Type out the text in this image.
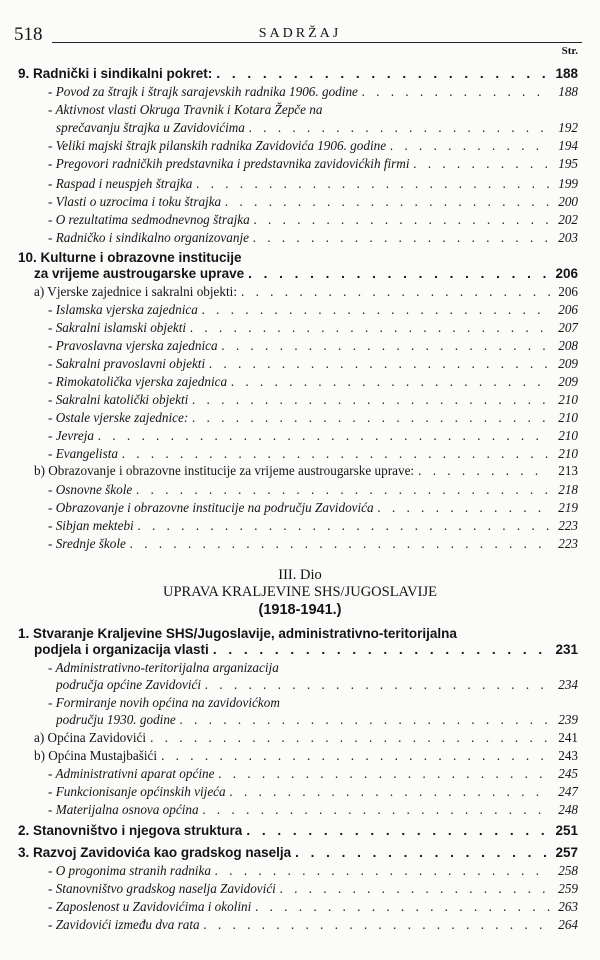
518	SADRŽAJ
Str.
9. Radnički i sindikalni pokret: . . .	188
- Povod za štrajk i štrajk sarajevskih radnika 1906. godine . . .	188
- Aktivnost vlasti Okruga Travnik i Kotara Žepče na
sprečavanju štrajka u Zavidovićima . . .	192
- Veliki majski štrajk pilanskih radnika Zavidovića 1906. godine . . .	194
- Pregovori radničkih predstavnika i predstavnika zavidovićkih firmi . . .	195
- Raspad i neuspjeh štrajka . . .	199
- Vlasti o uzrocima i toku štrajka . . .	200
- O rezultatima sedmodnevnog štrajka . . .	202
- Radničko i sindikalno organizovanje . . .	203
10. Kulturne i obrazovne institucije
za vrijeme austrougarske uprave . . .	206
a) Vjerske zajednice i sakralni objekti: . . .	206
- Islamska vjerska zajednica . . .	206
- Sakralni islamski objekti . . .	207
- Pravoslavna vjerska zajednica . . .	208
- Sakralni pravoslavni objekti . . .	209
- Rimokatolička vjerska zajednica . . .	209
- Sakralni katolički objekti . . .	210
- Ostale vjerske zajednice: . . .	210
- Jevreja . . .	210
- Evangelista . . .	210
b) Obrazovanje i obrazovne institucije za vrijeme austrougarske uprave: . . .	213
- Osnovne škole . . .	218
- Obrazovanje i obrazovne institucije na području Zavidovića . . .	219
- Sibjan mektebi . . .	223
- Srednje škole . . .	223
III. Dio
UPRAVA KRALJEVINE SHS/JUGOSLAVIJE
(1918-1941.)
1. Stvaranje Kraljevine SHS/Jugoslavije, administrativno-teritorijalna
podjela i organizacija vlasti . . .	231
- Administrativno-teritorijalna arganizacija
područja općine Zavidovići . . .	234
- Formiranje novih općina na zavidovićkom
području 1930. godine . . .	239
a) Općina Zavidovići . . .	241
b) Općina Mustajbašići . . .	243
- Administrativni aparat općine . . .	245
- Funkcionisanje općinskih vijeća . . .	247
- Materijalna osnova općina . . .	248
2. Stanovništvo i njegova struktura . . .	251
3. Razvoj Zavidovića kao gradskog naselja . . .	257
- O progonima stranih radnika . . .	258
- Stanovništvo gradskog naselja Zavidovići . . .	259
- Zaposlenost u Zavidovićima i okolini . . .	263
- Zavidovići između dva rata . . .	264
